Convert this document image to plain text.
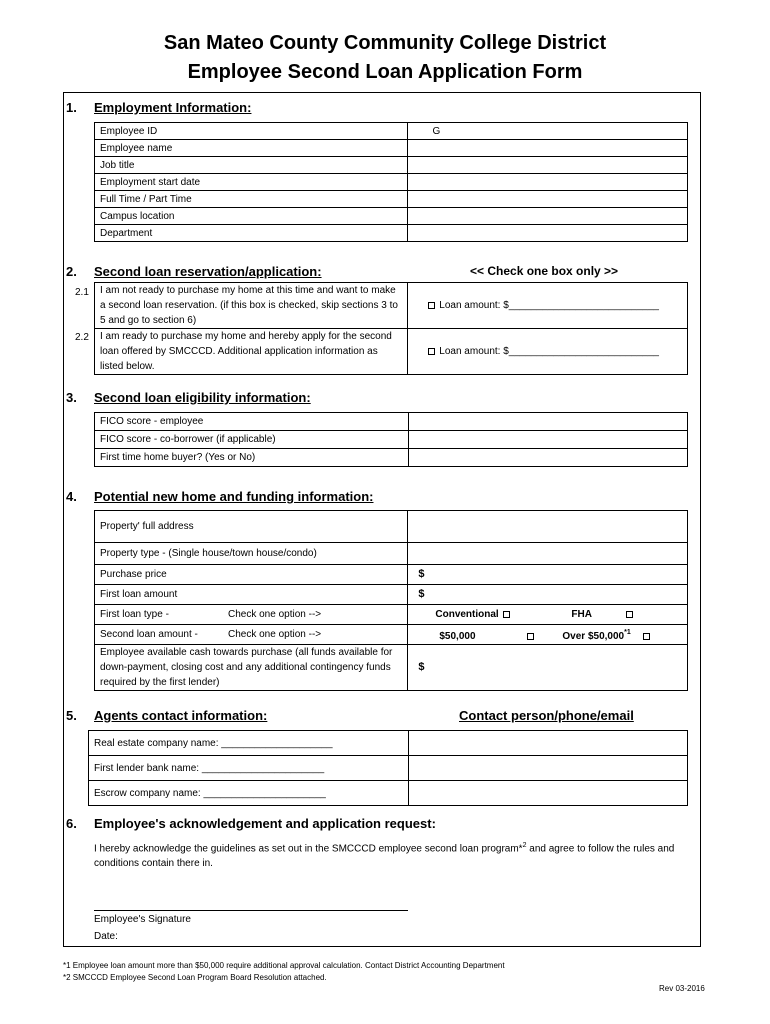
San Mateo County Community College District
Employee Second Loan Application Form
1. Employment Information:
Employee ID	G
Employee name	
Job title	
Employment start date	
Full Time / Part Time	
Campus location	
Department	
2. Second loan reservation/application:	<< Check one box only >>
2.1
2.2
I am not ready to purchase my home at this time and want to make a second loan reservation. (if this box is checked, skip sections 3 to 5 and go to section 6)	Loan amount: $___________________________
I am ready to purchase my home and hereby apply for the second loan offered by SMCCCD. Additional application information as listed below.	Loan amount: $___________________________
3. Second loan eligibility information:
FICO score - employee	
FICO score - co-borrower (if applicable)	
First time home buyer? (Yes or No)	
4. Potential new home and funding information:
Property' full address	
Property type - (Single house/town house/condo)	
Purchase price	$
First loan amount	$
First loan type - Check one option -->	Conventional FHA
Second loan amount - Check one option -->	$50,000 Over $50,000$^{*1}$
Employee available cash towards purchase (all funds available for down-payment, closing cost and any additional contingency funds required by the first lender)	$
5. Agents contact information:	Contact person/phone/email
Real estate company name: ____________________	
First lender bank name: ______________________	
Escrow company name: ______________________	
6. Employee's acknowledgement and application request:
I hereby acknowledge the guidelines as set out in the SMCCCD employee second loan program*$^2$ and agree to follow the rules and conditions contain there in.
Employee's Signature
Date:
*1 Employee loan amount more than $50,000 require additional approval calculation. Contact District Accounting Department
*2 SMCCCD Employee Second Loan Program Board Resolution attached.
Rev 03-2016
